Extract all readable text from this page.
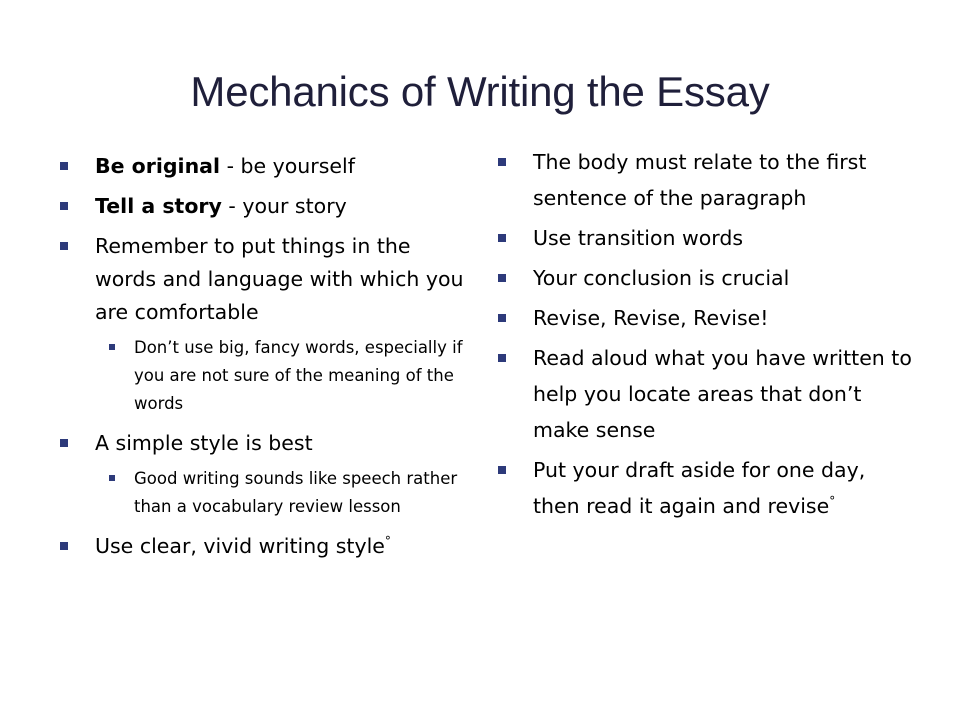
Mechanics of Writing the Essay
Be original - be yourself
Tell a story - your story
Remember to put things in the words and language with which you are comfortable
Don’t use big, fancy words, especially if you are not sure of the meaning of the words
A simple style is best
Good writing sounds like speech rather than a vocabulary review lesson
Use clear, vivid writing style°
The body must relate to the first sentence of the paragraph
Use transition words
Your conclusion is crucial
Revise, Revise, Revise!
Read aloud what you have written to help you locate areas that don’t make sense
Put your draft aside for one day, then read it again and revise°
